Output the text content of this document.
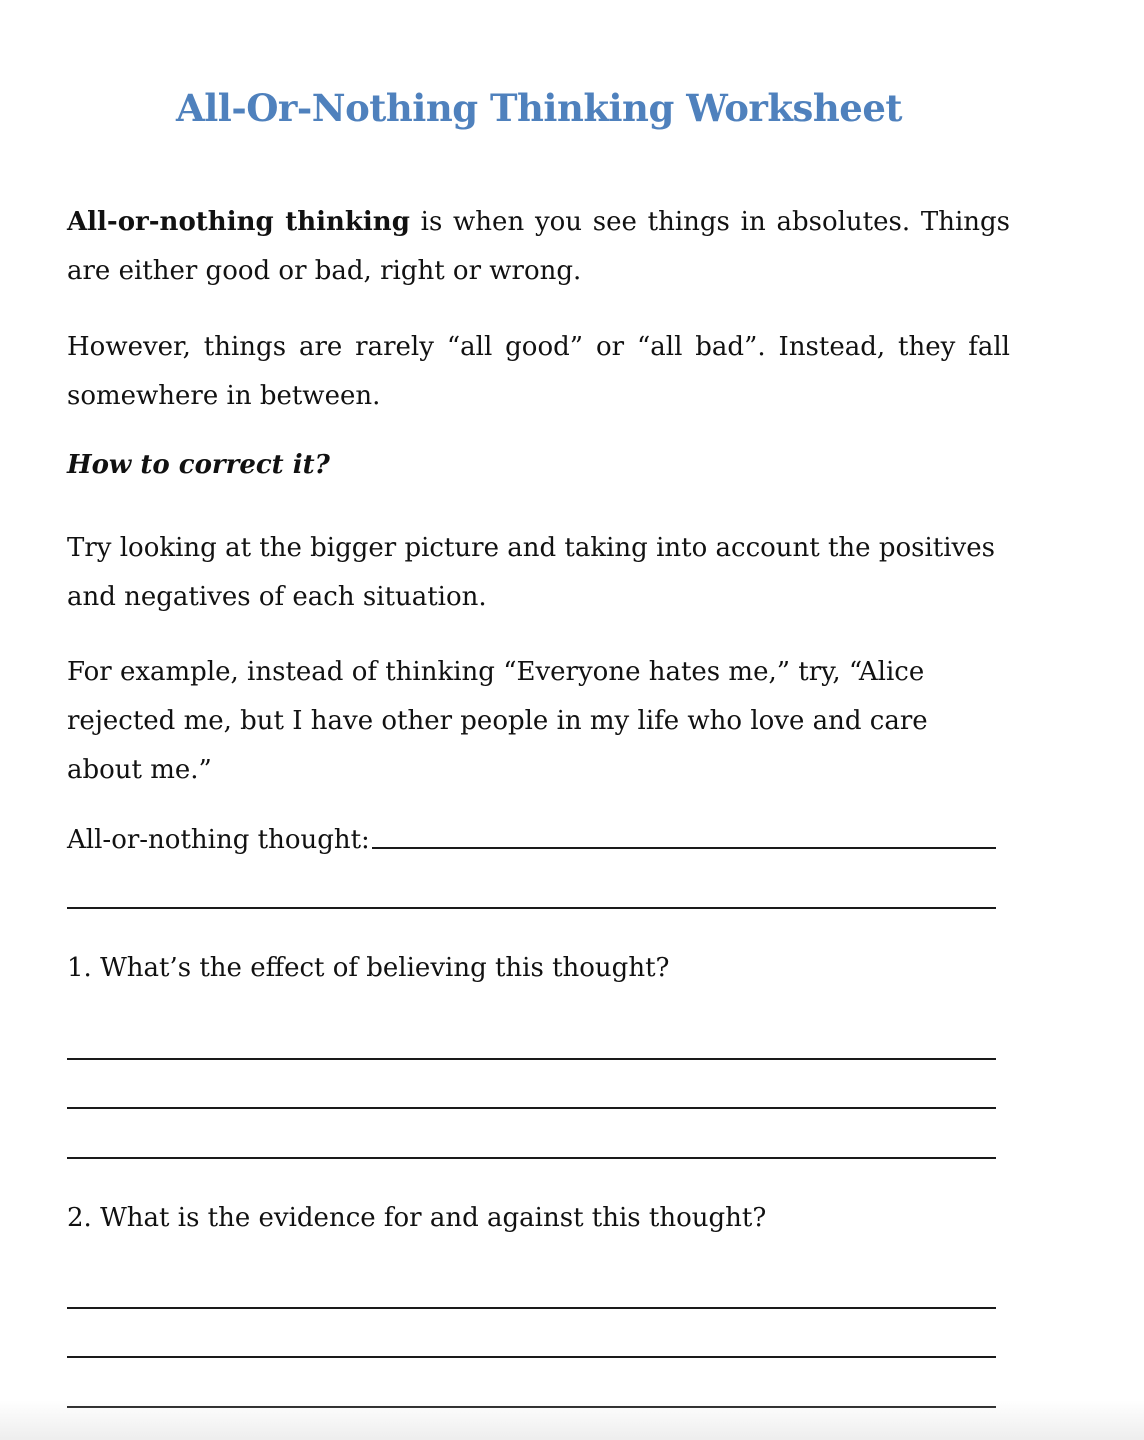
All-Or-Nothing Thinking Worksheet

All-or-nothing thinking is when you see things in absolutes. Things are either good or bad, right or wrong.

However, things are rarely “all good” or “all bad”. Instead, they fall somewhere in between.

How to correct it?

Try looking at the bigger picture and taking into account the positives and negatives of each situation.

For example, instead of thinking “Everyone hates me,” try, “Alice rejected me, but I have other people in my life who love and care about me.”

All-or-nothing thought:

1. What’s the effect of believing this thought?

2. What is the evidence for and against this thought?
